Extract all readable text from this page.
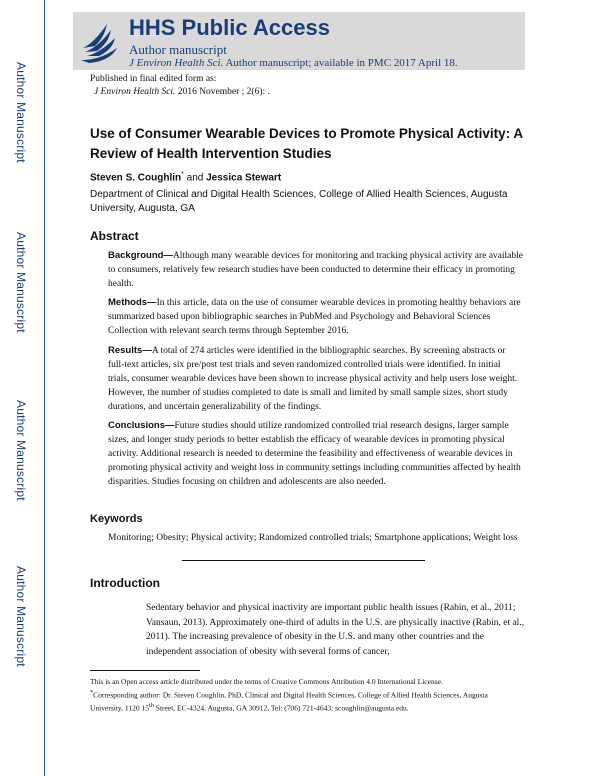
Author Manuscript
Author Manuscript
Author Manuscript
Author Manuscript
HHS Public Access
Author manuscript
J Environ Health Sci. Author manuscript; available in PMC 2017 April 18.
Published in final edited form as:
J Environ Health Sci. 2016 November ; 2(6): .
Use of Consumer Wearable Devices to Promote Physical Activity: A Review of Health Intervention Studies
Steven S. Coughlin* and Jessica Stewart
Department of Clinical and Digital Health Sciences, College of Allied Health Sciences, Augusta University, Augusta, GA
Abstract
Background—Although many wearable devices for monitoring and tracking physical activity are available to consumers, relatively few research studies have been conducted to determine their efficacy in promoting health.
Methods—In this article, data on the use of consumer wearable devices in promoting healthy behaviors are summarized based upon bibliographic searches in PubMed and Psychology and Behavioral Sciences Collection with relevant search terms through September 2016.
Results—A total of 274 articles were identified in the bibliographic searches. By screening abstracts or full-text articles, six pre/post test trials and seven randomized controlled trials were identified. In initial trials, consumer wearable devices have been shown to increase physical activity and help users lose weight. However, the number of studies completed to date is small and limited by small sample sizes, short study durations, and uncertain generalizability of the findings.
Conclusions—Future studies should utilize randomized controlled trial research designs, larger sample sizes, and longer study periods to better establish the efficacy of wearable devices in promoting physical activity. Additional research is needed to determine the feasibility and effectiveness of wearable devices in promoting physical activity and weight loss in community settings including communities affected by health disparities. Studies focusing on children and adolescents are also needed.
Keywords
Monitoring; Obesity; Physical activity; Randomized controlled trials; Smartphone applications; Weight loss
Introduction
Sedentary behavior and physical inactivity are important public health issues (Rabin, et al., 2011; Vansaun, 2013). Approximately one-third of adults in the U.S. are physically inactive (Rabin, et al., 2011). The increasing prevalence of obesity in the U.S. and many other countries and the independent association of obesity with several forms of cancer,
This is an Open access article distributed under the terms of Creative Commons Attribution 4.0 International License.
*Corresponding author: Dr. Steven Coughlin, PhD, Clinical and Digital Health Sciences, College of Allied Health Sciences, Augusta University, 1120 15th Street, EC-4324, Augusta, GA 30912, Tel: (706) 721-4643; scoughlin@augusta.edu.
